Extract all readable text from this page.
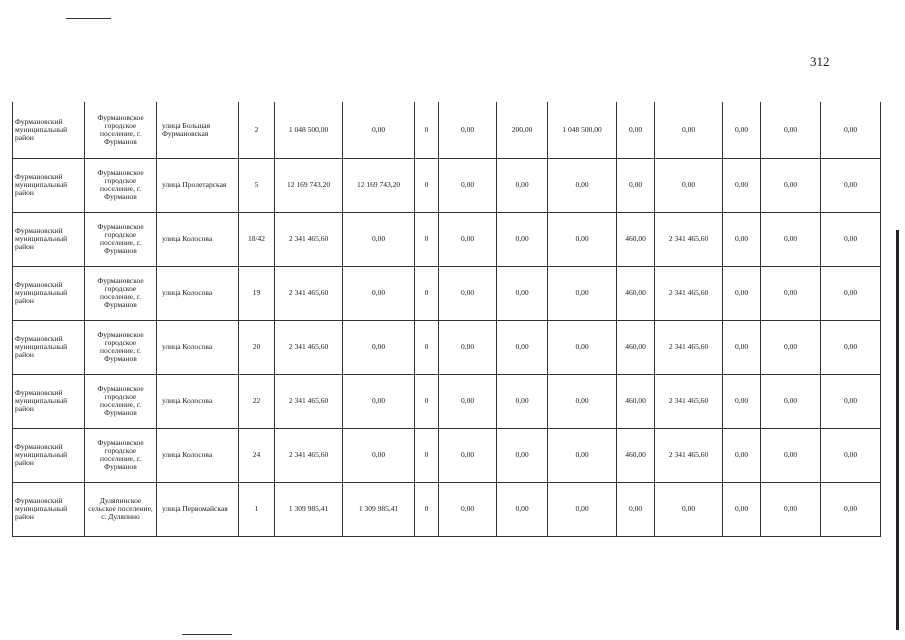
312
Фурмановский муниципальный район	Фурмановское городское поселение, г. Фурманов	улица Большая Фурмановская	2	1 048 500,00	0,00	0	0,00	200,00	1 048 500,00	0,00	0,00	0,00	0,00	0,00
Фурмановский муниципальный район	Фурмановское городское поселение, г. Фурманов	улица Пролетарская	5	12 169 743,20	12 169 743,20	0	0,00	0,00	0,00	0,00	0,00	0,00	0,00	0,00
Фурмановский муниципальный район	Фурмановское городское поселение, г. Фурманов	улица Колосова	18/42	2 341 465,60	0,00	0	0,00	0,00	0,00	460,00	2 341 465,60	0,00	0,00	0,00
Фурмановский муниципальный район	Фурмановское городское поселение, г. Фурманов	улица Колосова	19	2 341 465,60	0,00	0	0,00	0,00	0,00	460,00	2 341 465,60	0,00	0,00	0,00
Фурмановский муниципальный район	Фурмановское городское поселение, г. Фурманов	улица Колосова	20	2 341 465,60	0,00	0	0,00	0,00	0,00	460,00	2 341 465,60	0,00	0,00	0,00
Фурмановский муниципальный район	Фурмановское городское поселение, г. Фурманов	улица Колосова	22	2 341 465,60	0,00	0	0,00	0,00	0,00	460,00	2 341 465,60	0,00	0,00	0,00
Фурмановский муниципальный район	Фурмановское городское поселение, г. Фурманов	улица Колосова	24	2 341 465,60	0,00	0	0,00	0,00	0,00	460,00	2 341 465,60	0,00	0,00	0,00
Фурмановский муниципальный район	Дуляпинское сельское поселение, с. Дуляпино	улица Первомайская	1	1 309 985,41	1 309 985,41	0	0,00	0,00	0,00	0,00	0,00	0,00	0,00	0,00
